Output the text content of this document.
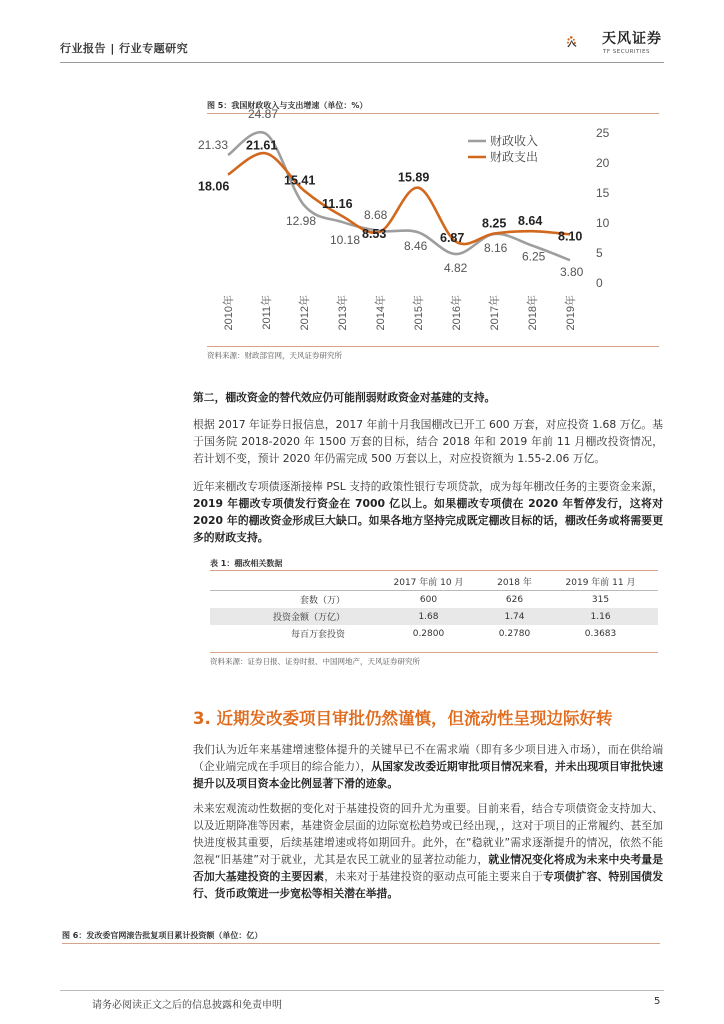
行业报告 | 行业专题研究
天风证券
TF SECURITIES
图 5：我国财政收入与支出增速（单位：%）
0
5
10
15
20
25
2010年 2011年 2012年 2013年 2014年 2015年 2016年 2017年 2018年 2019年
21.33
24.87
12.98
10.18
8.68
8.46
4.82
8.16
6.25
3.80
18.06
21.61
15.41
11.16
8.53
15.89
6.87
8.25 8.64
8.10
财政收入
财政支出
资料来源：财政部官网，天风证券研究所

第二，棚改资金的替代效应仍可能削弱财政资金对基建的支持。

根据 2017 年证券日报信息，2017 年前十月我国棚改已开工 600 万套，对应投资 1.68 万亿。基于国务院 2018-2020 年 1500 万套的目标，结合 2018 年和 2019 年前 11 月棚改投资情况，若计划不变，预计 2020 年仍需完成 500 万套以上，对应投资额为 1.55-2.06 万亿。

近年来棚改专项债逐渐接棒 PSL 支持的政策性银行专项贷款，成为每年棚改任务的主要资金来源，2019 年棚改专项债发行资金在 7000 亿以上。如果棚改专项债在 2020 年暂停发行，这将对 2020 年的棚改资金形成巨大缺口。如果各地方坚持完成既定棚改目标的话，棚改任务或将需要更多的财政支持。

表 1：棚改相关数据
	2017 年前 10 月	2018 年	2019 年前 11 月
套数（万）	600	626	315
投资金额（万亿）	1.68	1.74	1.16
每百万套投资	0.2800	0.2780	0.3683
资料来源：证券日报、证券时报、中国网地产，天风证券研究所
3. 近期发改委项目审批仍然谨慎，但流动性呈现边际好转

我们认为近年来基建增速整体提升的关键早已不在需求端（即有多少项目进入市场），而在供给端（企业端完成在手项目的综合能力），从国家发改委近期审批项目情况来看，并未出现项目审批快速提升以及项目资本金比例显著下滑的迹象。

未来宏观流动性数据的变化对于基建投资的回升尤为重要。目前来看，结合专项债资金支持加大、以及近期降准等因素，基建资金层面的边际宽松趋势或已经出现，，这对于项目的正常履约、甚至加快进度极其重要，后续基建增速或将如期回升。此外，在“稳就业”需求逐渐提升的情况，依然不能忽视“旧基建”对于就业，尤其是农民工就业的显著拉动能力，就业情况变化将成为未来中央考量是否加大基建投资的主要因素，未来对于基建投资的驱动点可能主要来自于专项债扩容、特别国债发行、货币政策进一步宽松等相关潜在举措。

图 6：发改委官网滚告批复项目累计投资额（单位：亿）
请务必阅读正文之后的信息披露和免责申明	5
